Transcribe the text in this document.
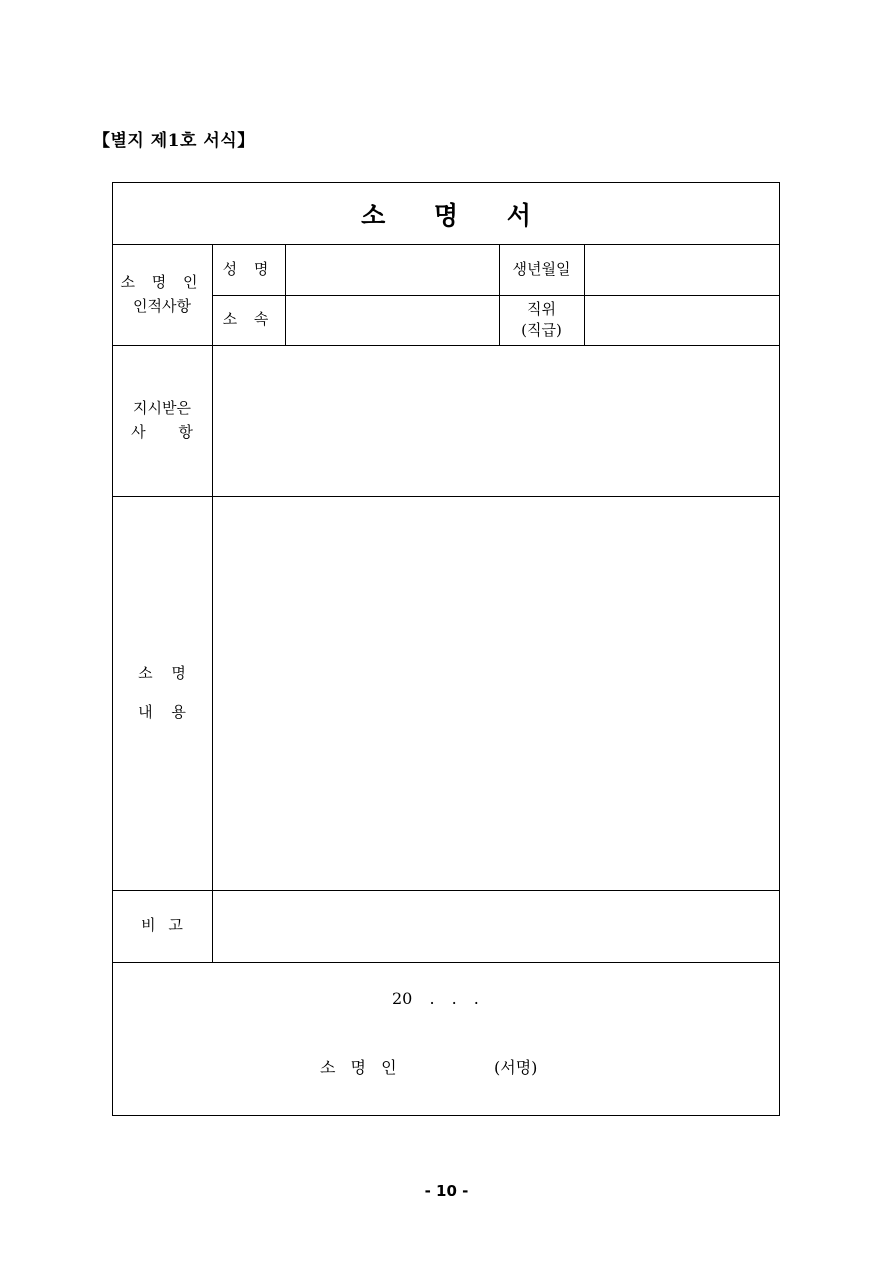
【별지 제1호 서식】
소 명 서
소 명 인
인적사항
성 명	생년월일
소 속
직위
(직급)
지시받은
사 항
소 명
내 용
비 고
20 . . .
소 명 인	(서명)
- 10 -
